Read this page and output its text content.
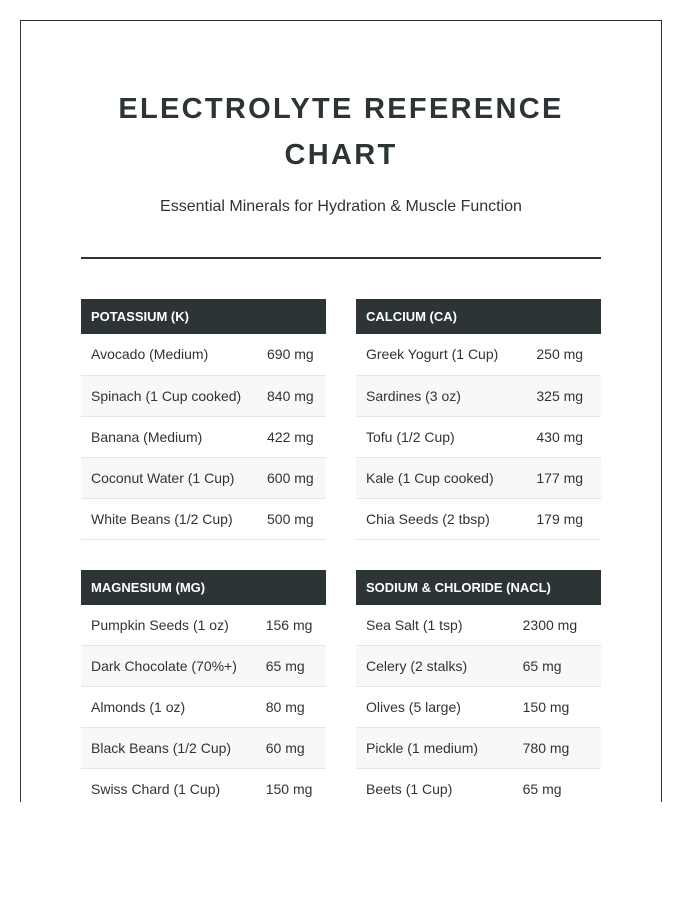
ELECTROLYTE REFERENCE CHART

Essential Minerals for Hydration & Muscle Function

POTASSIUM (K)	
Avocado (Medium)	690 mg
Spinach (1 Cup cooked)	840 mg
Banana (Medium)	422 mg
Coconut Water (1 Cup)	600 mg
White Beans (1/2 Cup)	500 mg
CALCIUM (CA)	
Greek Yogurt (1 Cup)	250 mg
Sardines (3 oz)	325 mg
Tofu (1/2 Cup)	430 mg
Kale (1 Cup cooked)	177 mg
Chia Seeds (2 tbsp)	179 mg
MAGNESIUM (MG)	
Pumpkin Seeds (1 oz)	156 mg
Dark Chocolate (70%+)	65 mg
Almonds (1 oz)	80 mg
Black Beans (1/2 Cup)	60 mg
Swiss Chard (1 Cup)	150 mg
SODIUM & CHLORIDE (NACL)	
Sea Salt (1 tsp)	2300 mg
Celery (2 stalks)	65 mg
Olives (5 large)	150 mg
Pickle (1 medium)	780 mg
Beets (1 Cup)	65 mg
